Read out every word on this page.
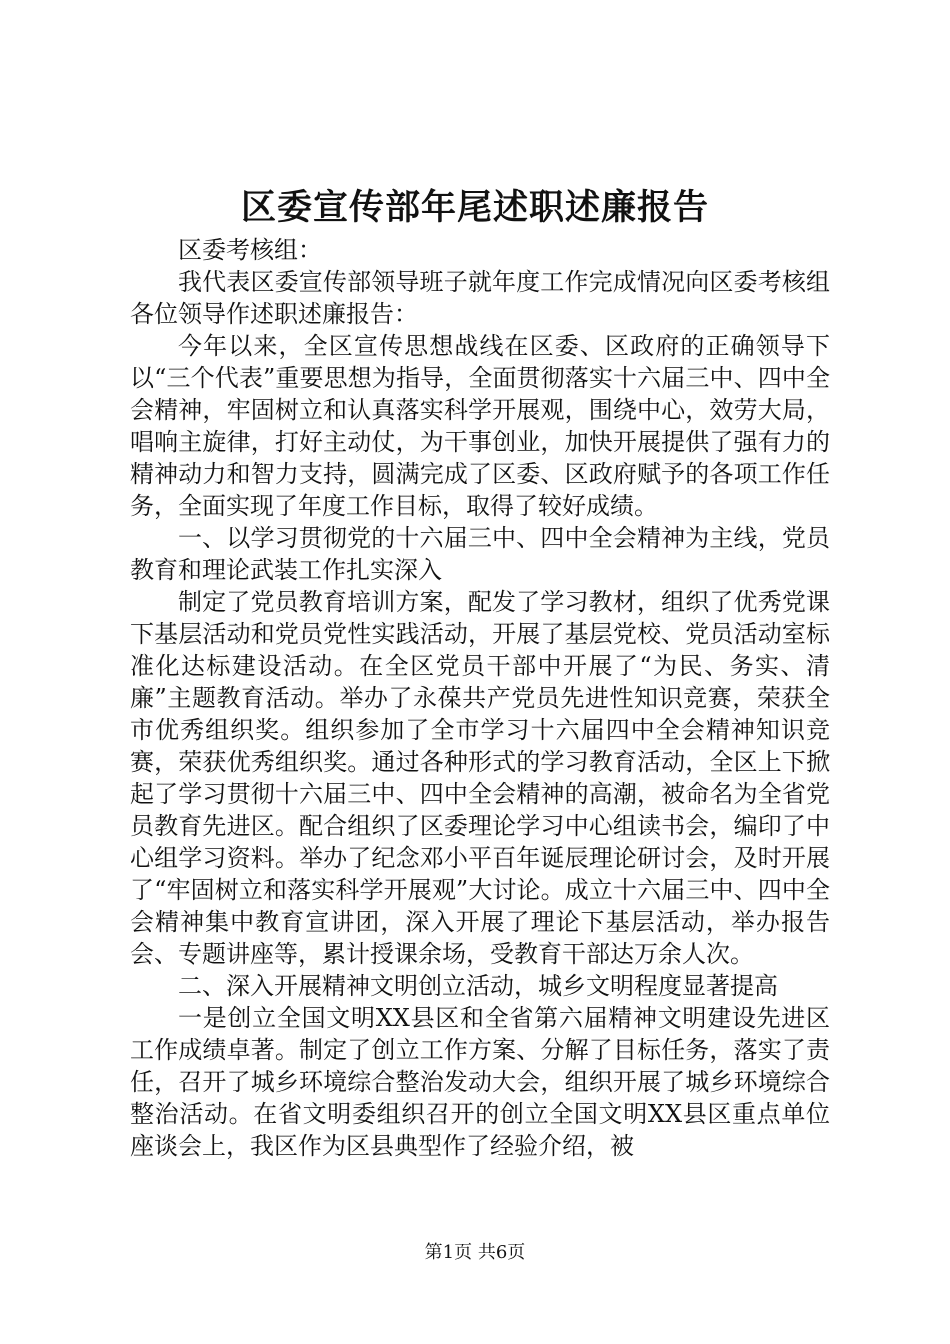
区委宣传部年尾述职述廉报告

区委考核组：

我代表区委宣传部领导班子就年度工作完成情况向区委考核组各位领导作述职述廉报告：

今年以来，全区宣传思想战线在区委、区政府的正确领导下以“三个代表”重要思想为指导，全面贯彻落实十六届三中、四中全会精神，牢固树立和认真落实科学开展观，围绕中心，效劳大局，唱响主旋律，打好主动仗，为干事创业，加快开展提供了强有力的精神动力和智力支持，圆满完成了区委、区政府赋予的各项工作任务，全面实现了年度工作目标，取得了较好成绩。

一、以学习贯彻党的十六届三中、四中全会精神为主线，党员教育和理论武装工作扎实深入

制定了党员教育培训方案，配发了学习教材，组织了优秀党课下基层活动和党员党性实践活动，开展了基层党校、党员活动室标准化达标建设活动。在全区党员干部中开展了“为民、务实、清廉”主题教育活动。举办了永葆共产党员先进性知识竞赛，荣获全市优秀组织奖。组织参加了全市学习十六届四中全会精神知识竞赛，荣获优秀组织奖。通过各种形式的学习教育活动，全区上下掀起了学习贯彻十六届三中、四中全会精神的高潮，被命名为全省党员教育先进区。配合组织了区委理论学习中心组读书会，编印了中心组学习资料。举办了纪念邓小平百年诞辰理论研讨会，及时开展了“牢固树立和落实科学开展观”大讨论。成立十六届三中、四中全会精神集中教育宣讲团，深入开展了理论下基层活动，举办报告会、专题讲座等，累计授课余场，受教育干部达万余人次。

二、深入开展精神文明创立活动，城乡文明程度显著提高

一是创立全国文明XX县区和全省第六届精神文明建设先进区工作成绩卓著。制定了创立工作方案、分解了目标任务，落实了责任，召开了城乡环境综合整治发动大会，组织开展了城乡环境综合整治活动。在省文明委组织召开的创立全国文明XX县区重点单位座谈会上，我区作为区县典型作了经验介绍，被

第1页 共6页
